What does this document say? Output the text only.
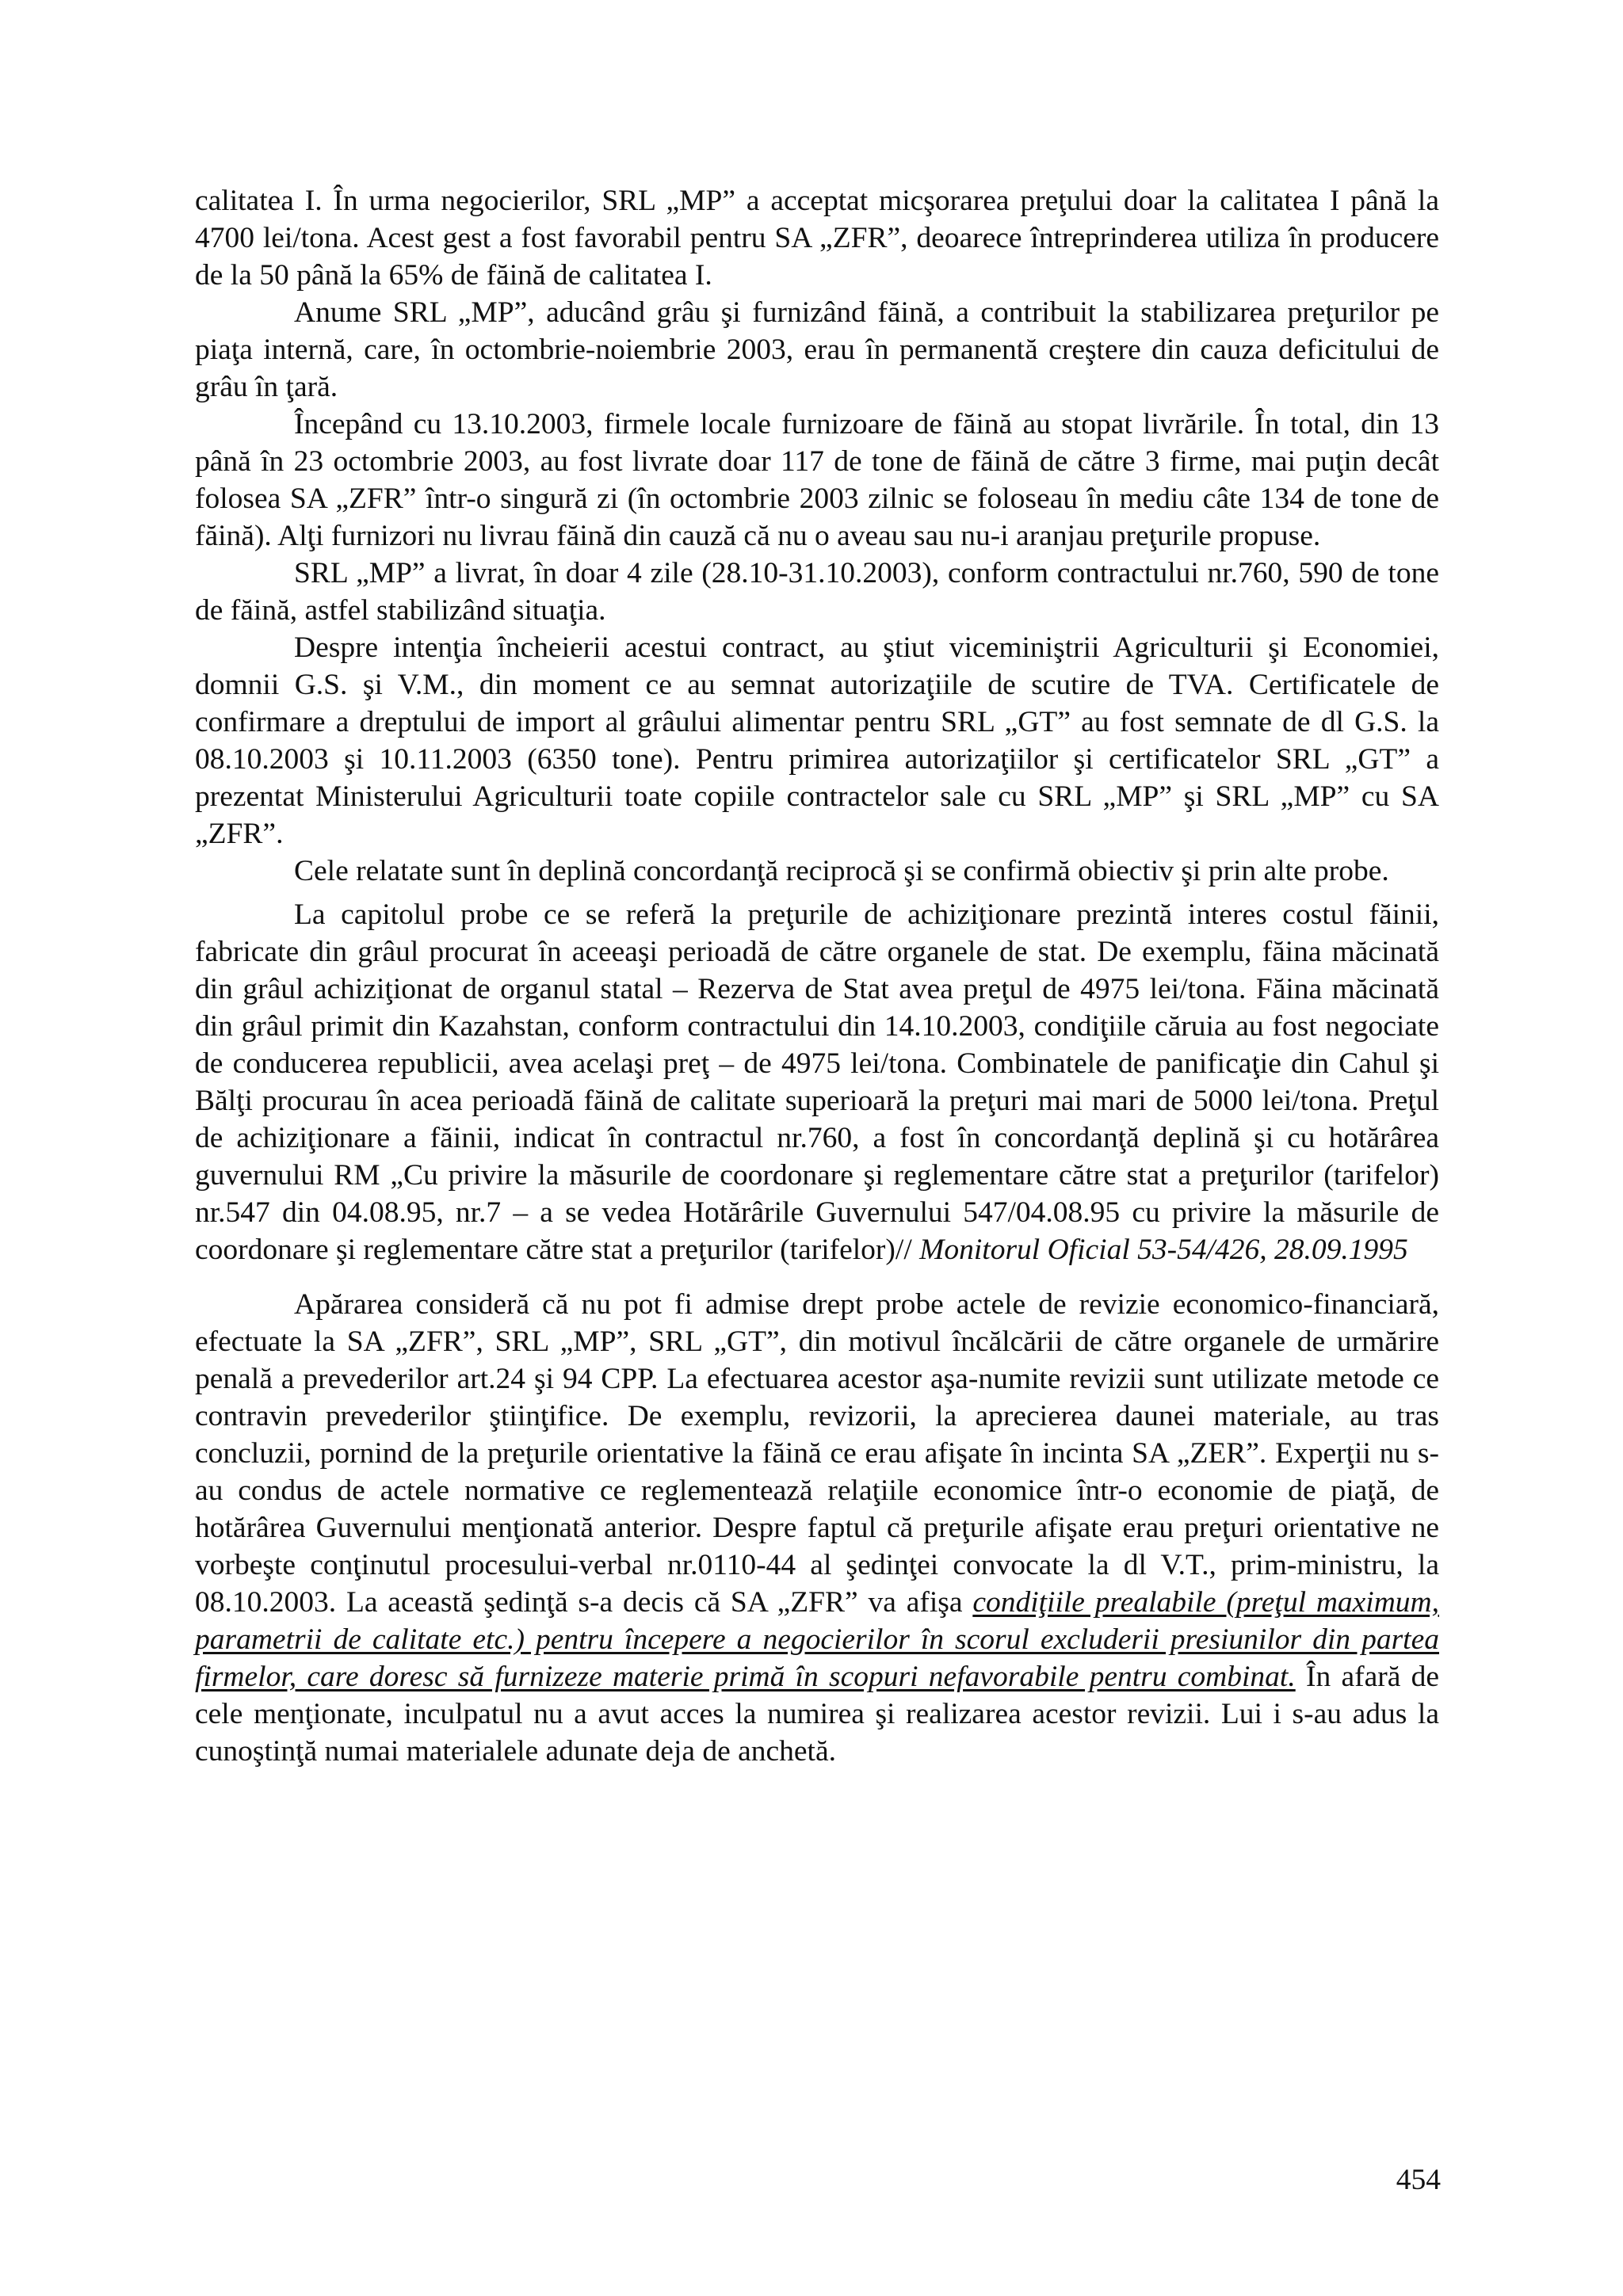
calitatea I. În urma negocierilor, SRL „MP” a acceptat micşorarea preţului doar la calitatea I până la 4700 lei/tona. Acest gest a fost favorabil pentru SA „ZFR”, deoarece întreprinderea utiliza în producere de la 50 până la 65% de făină de calitatea I.

Anume SRL „MP”, aducând grâu şi furnizând făină, a contribuit la stabilizarea preţurilor pe piaţa internă, care, în octombrie-noiembrie 2003, erau în permanentă creştere din cauza deficitului de grâu în ţară.

Începând cu 13.10.2003, firmele locale furnizoare de făină au stopat livrările. În total, din 13 până în 23 octombrie 2003, au fost livrate doar 117 de tone de făină de către 3 firme, mai puţin decât folosea SA „ZFR” într-o singură zi (în octombrie 2003 zilnic se foloseau în mediu câte 134 de tone de făină). Alţi furnizori nu livrau făină din cauză că nu o aveau sau nu-i aranjau preţurile propuse.

SRL „MP” a livrat, în doar 4 zile (28.10-31.10.2003), conform contractului nr.760, 590 de tone de făină, astfel stabilizând situaţia.

Despre intenţia încheierii acestui contract, au ştiut viceminiştrii Agriculturii şi Economiei, domnii G.S. şi V.M., din moment ce au semnat autorizaţiile de scutire de TVA. Certificatele de confirmare a dreptului de import al grâului alimentar pentru SRL „GT” au fost semnate de dl G.S. la 08.10.2003 şi 10.11.2003 (6350 tone). Pentru primirea autorizaţiilor şi certificatelor SRL „GT” a prezentat Ministerului Agriculturii toate copiile contractelor sale cu SRL „MP” şi SRL „MP” cu SA „ZFR”.

Cele relatate sunt în deplină concordanţă reciprocă şi se confirmă obiectiv şi prin alte probe.

La capitolul probe ce se referă la preţurile de achiziţionare prezintă interes costul făinii, fabricate din grâul procurat în aceeaşi perioadă de către organele de stat. De exemplu, făina măcinată din grâul achiziţionat de organul statal – Rezerva de Stat avea preţul de 4975 lei/tona. Făina măcinată din grâul primit din Kazahstan, conform contractului din 14.10.2003, condiţiile căruia au fost negociate de conducerea republicii, avea acelaşi preţ – de 4975 lei/tona. Combinatele de panificaţie din Cahul şi Bălţi procurau în acea perioadă făină de calitate superioară la preţuri mai mari de 5000 lei/tona. Preţul de achiziţionare a făinii, indicat în contractul nr.760, a fost în concordanţă deplină şi cu hotărârea guvernului RM „Cu privire la măsurile de coordonare şi reglementare către stat a preţurilor (tarifelor) nr.547 din 04.08.95, nr.7 – a se vedea Hotărârile Guvernului 547/04.08.95 cu privire la măsurile de coordonare şi reglementare către stat a preţurilor (tarifelor)// Monitorul Oficial 53-54/426, 28.09.1995

Apărarea consideră că nu pot fi admise drept probe actele de revizie economico-financiară, efectuate la SA „ZFR”, SRL „MP”, SRL „GT”, din motivul încălcării de către organele de urmărire penală a prevederilor art.24 şi 94 CPP. La efectuarea acestor aşa-numite revizii sunt utilizate metode ce contravin prevederilor ştiinţifice. De exemplu, revizorii, la aprecierea daunei materiale, au tras concluzii, pornind de la preţurile orientative la făină ce erau afişate în incinta SA „ZER”. Experţii nu s-au condus de actele normative ce reglementează relaţiile economice într-o economie de piaţă, de hotărârea Guvernului menţionată anterior. Despre faptul că preţurile afişate erau preţuri orientative ne vorbeşte conţinutul procesului-verbal nr.0110-44 al şedinţei convocate la dl V.T., prim-ministru, la 08.10.2003. La această şedinţă s-a decis că SA „ZFR” va afişa condiţiile prealabile (preţul maximum, parametrii de calitate etc.) pentru începere a negocierilor în scorul excluderii presiunilor din partea firmelor, care doresc să furnizeze materie primă în scopuri nefavorabile pentru combinat. În afară de cele menţionate, inculpatul nu a avut acces la numirea şi realizarea acestor revizii. Lui i s-au adus la cunoştinţă numai materialele adunate deja de anchetă.

454
